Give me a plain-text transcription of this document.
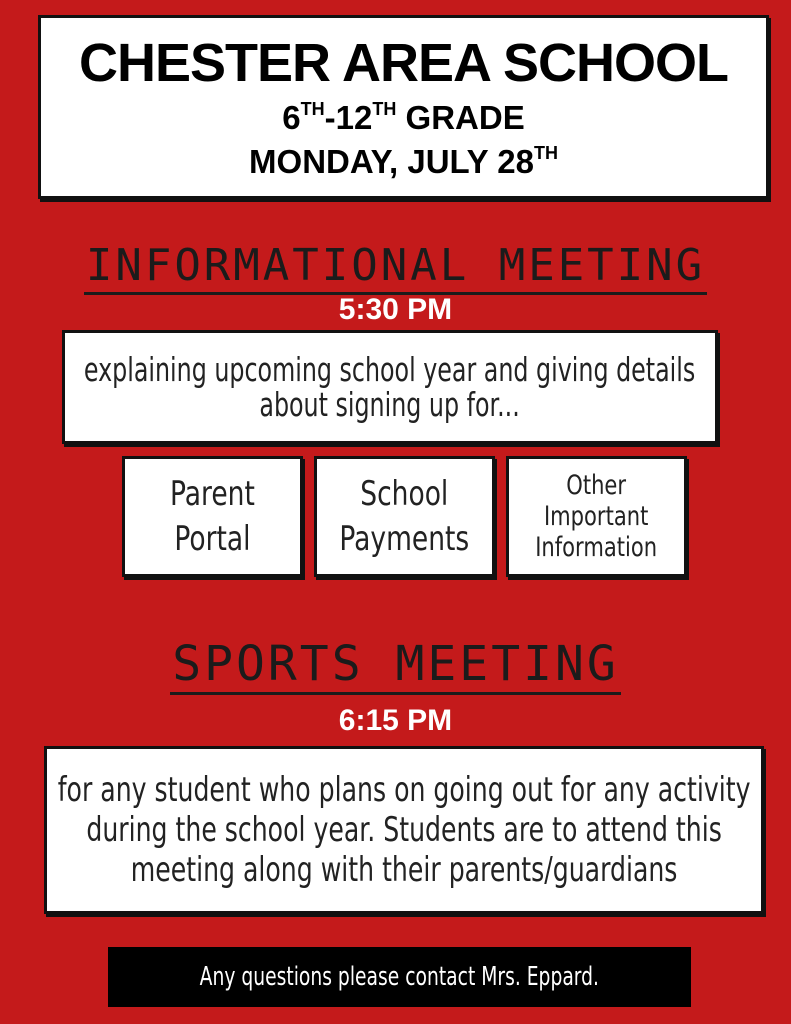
CHESTER AREA SCHOOL
6TH-12TH GRADE
MONDAY, JULY 28TH
INFORMATIONAL MEETING
5:30 PM
explaining upcoming school year and giving details
about signing up for...
Parent
Portal
School
Payments
Other
Important
Information
SPORTS MEETING
6:15 PM
for any student who plans on going out for any activity
during the school year. Students are to attend this
meeting along with their parents/guardians
Any questions please contact Mrs. Eppard.
